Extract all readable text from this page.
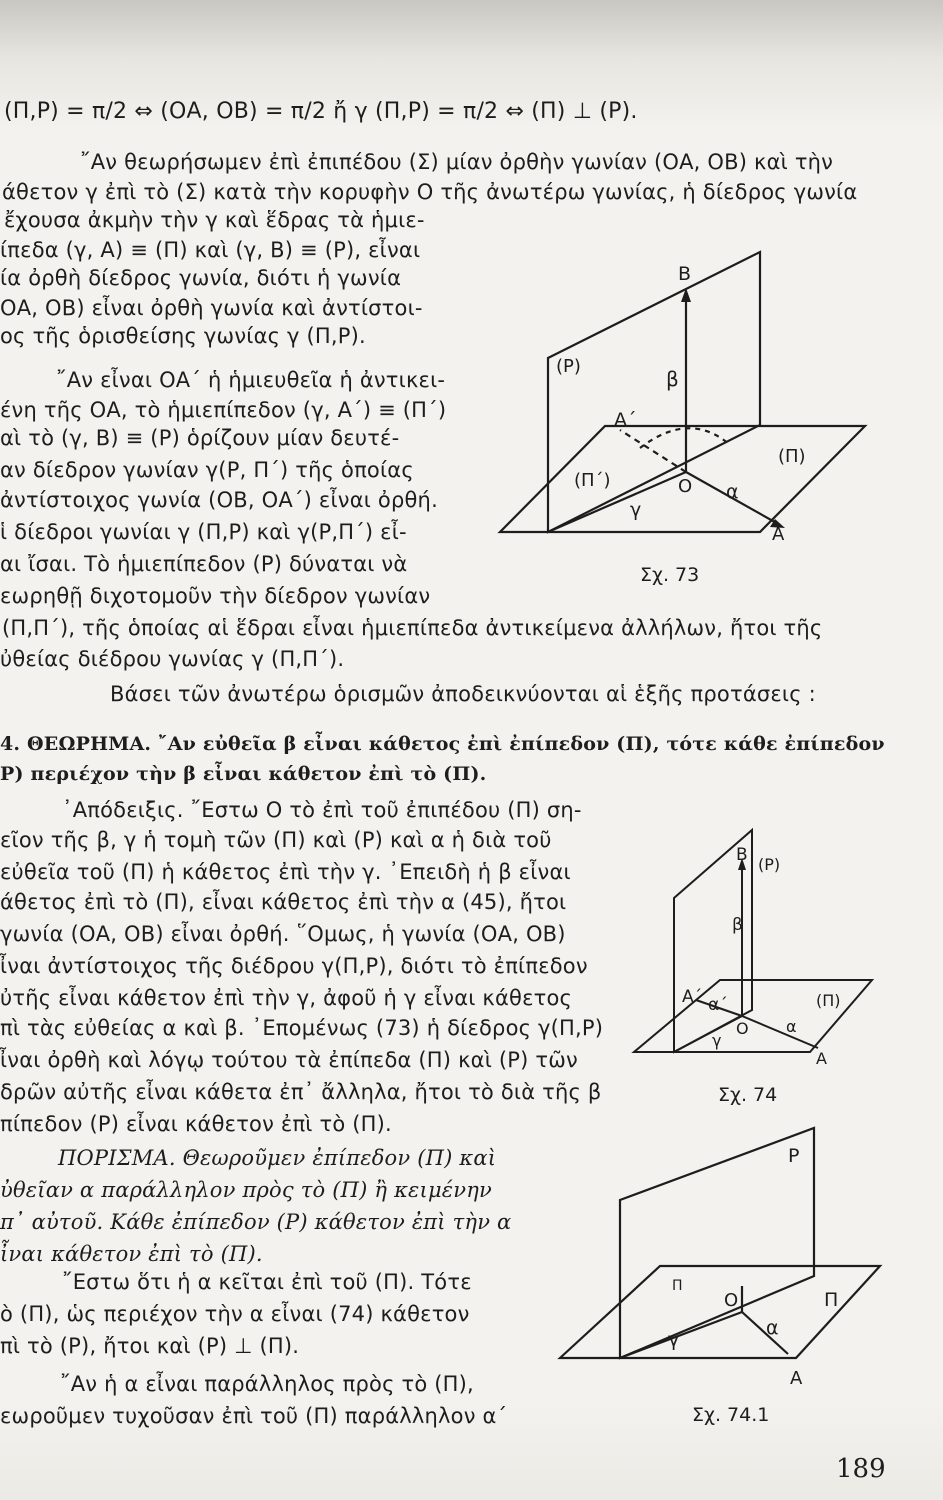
(Π,Ρ) = π/2 ⇔ (ΟΑ, ΟΒ) = π/2 ἤ γ (Π,Ρ) = π/2 ⇔ (Π) ⊥ (Ρ).
῎Αν θεωρήσωμεν ἐπὶ ἐπιπέδου (Σ) μίαν ὀρθὴν γωνίαν (ΟΑ, ΟΒ) καὶ τὴν
άθετον γ ἐπὶ τὸ (Σ) κατὰ τὴν κορυφὴν Ο τῆς ἀνωτέρω γωνίας, ἡ δίεδρος γωνία
ἔχουσα ἀκμὴν τὴν γ καὶ ἕδρας τὰ ἡμιε-
ίπεδα (γ, Α) ≡ (Π) καὶ (γ, Β) ≡ (Ρ), εἶναι
ία ὀρθὴ δίεδρος γωνία, διότι ἡ γωνία
ΟΑ, ΟΒ) εἶναι ὀρθὴ γωνία καὶ ἀντίστοι-
ος τῆς ὁρισθείσης γωνίας γ (Π,Ρ).
῎Αν εἶναι ΟΑ΄ ἡ ἡμιευθεῖα ἡ ἀντικει-
ένη τῆς ΟΑ, τὸ ἡμιεπίπεδον (γ, Α΄) ≡ (Π΄)
αὶ τὸ (γ, Β) ≡ (Ρ) ὁρίζουν μίαν δευτέ-
αν δίεδρον γωνίαν γ(Ρ, Π΄) τῆς ὁποίας
ἀντίστοιχος γωνία (ΟΒ, ΟΑ΄) εἶναι ὀρθή.
ἱ δίεδροι γωνίαι γ (Π,Ρ) καὶ γ(Ρ,Π΄) εἶ-
αι ἴσαι. Τὸ ἡμιεπίπεδον (Ρ) δύναται νὰ
εωρηθῇ διχοτομοῦν τὴν δίεδρον γωνίαν
(Π,Π΄), τῆς ὁποίας αἱ ἕδραι εἶναι ἡμιεπίπεδα ἀντικείμενα ἀλλήλων, ἤτοι τῆς
ὐθείας διέδρου γωνίας γ (Π,Π΄).
Βάσει τῶν ἀνωτέρω ὁρισμῶν ἀποδεικνύονται αἱ ἑξῆς προτάσεις :
4. ΘΕΩΡΗΜΑ. ῎Αν εὐθεῖα β εἶναι κάθετος ἐπὶ ἐπίπεδον (Π), τότε κάθε ἐπίπεδον
Ρ) περιέχον τὴν β εἶναι κάθετον ἐπὶ τὸ (Π).
᾿Απόδειξις. ῎Εστω Ο τὸ ἐπὶ τοῦ ἐπιπέδου (Π) ση-
εῖον τῆς β, γ ἡ τομὴ τῶν (Π) καὶ (Ρ) καὶ α ἡ διὰ τοῦ
εὐθεῖα τοῦ (Π) ἡ κάθετος ἐπὶ τὴν γ. ᾿Επειδὴ ἡ β εἶναι
άθετος ἐπὶ τὸ (Π), εἶναι κάθετος ἐπὶ τὴν α (45), ἤτοι
γωνία (ΟΑ, ΟΒ) εἶναι ὀρθή. ῞Ομως, ἡ γωνία (ΟΑ, ΟΒ)
ἶναι ἀντίστοιχος τῆς διέδρου γ(Π,Ρ), διότι τὸ ἐπίπεδον
ὐτῆς εἶναι κάθετον ἐπὶ τὴν γ, ἀφοῦ ἡ γ εἶναι κάθετος
πὶ τὰς εὐθείας α καὶ β. ᾿Επομένως (73) ἡ δίεδρος γ(Π,Ρ)
ἶναι ὀρθὴ καὶ λόγῳ τούτου τὰ ἐπίπεδα (Π) καὶ (Ρ) τῶν
δρῶν αὐτῆς εἶναι κάθετα ἐπ᾿ ἄλληλα, ἤτοι τὸ διὰ τῆς β
πίπεδον (Ρ) εἶναι κάθετον ἐπὶ τὸ (Π).
ΠΟΡΙΣΜΑ. Θεωροῦμεν ἐπίπεδον (Π) καὶ
ὐθεῖαν α παράλληλον πρὸς τὸ (Π) ἢ κειμένην
π᾿ αὐτοῦ. Κάθε ἐπίπεδον (Ρ) κάθετον ἐπὶ τὴν α
ἶναι κάθετον ἐπὶ τὸ (Π).
῎Εστω ὅτι ἡ α κεῖται ἐπὶ τοῦ (Π). Τότε
ὸ (Π), ὡς περιέχον τὴν α εἶναι (74) κάθετον
πὶ τὸ (Ρ), ἤτοι καὶ (Ρ) ⊥ (Π).
῎Αν ἡ α εἶναι παράλληλος πρὸς τὸ (Π),
εωροῦμεν τυχοῦσαν ἐπὶ τοῦ (Π) παράλληλον α΄
B
(P)
β
A΄
(Π)
(Π΄)	O
γ
α
A
Σχ. 73
B (P)
β
A΄ α΄	(Π)
O
γ
α
A
Σχ. 74
P
Π
O	Π
γ
α
A
Σχ. 74.1
189
